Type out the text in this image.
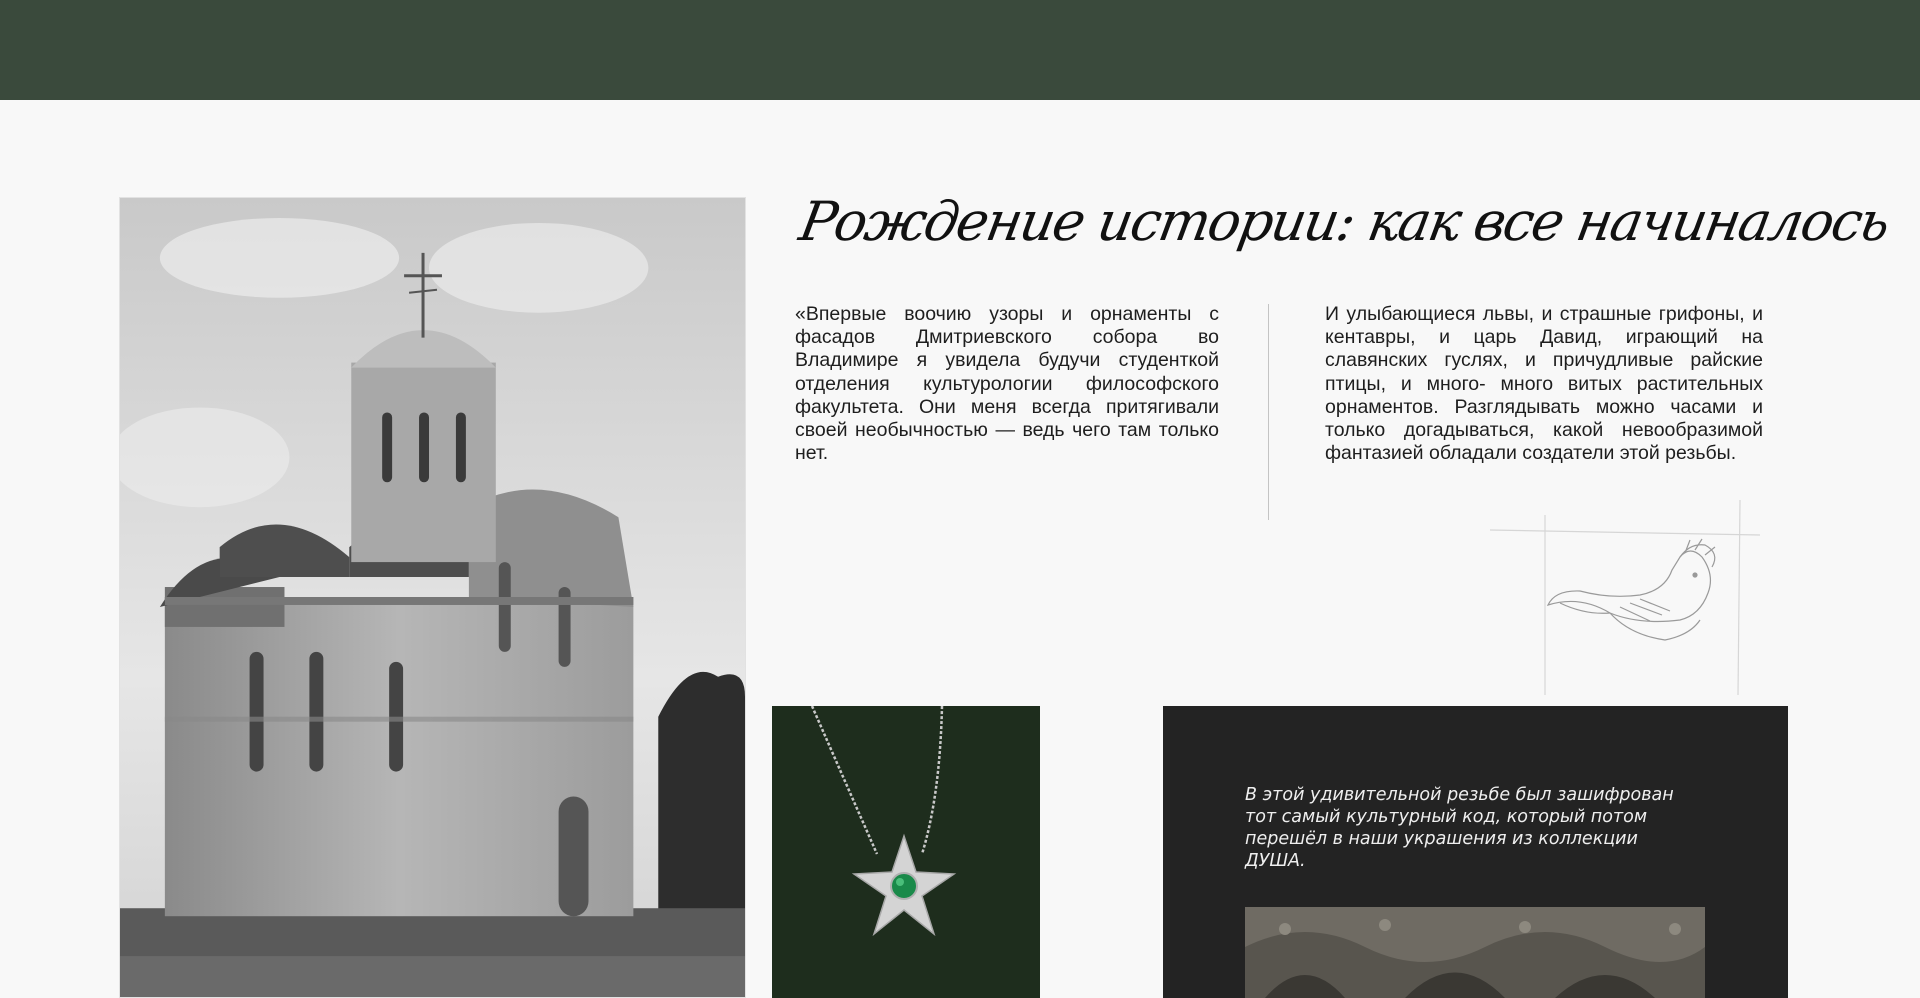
Рождение истории: как все начиналось

«Впервые воочию узоры и орнаменты с фасадов Дмитриевского собора во Владимире я увидела будучи студенткой отделения культурологии философского факультета. Они меня всегда притягивали своей необычностью — ведь чего там только нет.

И улыбающиеся львы, и страшные грифоны, и кентавры, и царь Давид, играющий на славянских гуслях, и причудливые райские птицы, и много- много витых растительных орнаментов. Разглядывать можно часами и только догадываться, какой невообразимой фантазией обладали создатели этой резьбы.

В этой удивительной резьбе был зашифрован тот самый культурный код, который потом перешёл в наши украшения из коллекции ДУША.
